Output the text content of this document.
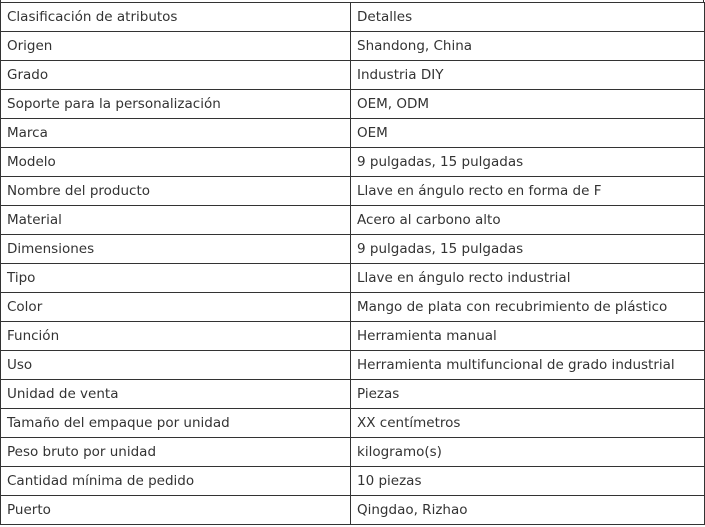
Clasificación de atributos	Detalles
Origen	Shandong, China
Grado	Industria DIY
Soporte para la personalización	OEM, ODM
Marca	OEM
Modelo	9 pulgadas, 15 pulgadas
Nombre del producto	Llave en ángulo recto en forma de F
Material	Acero al carbono alto
Dimensiones	9 pulgadas, 15 pulgadas
Tipo	Llave en ángulo recto industrial
Color	Mango de plata con recubrimiento de plástico
Función	Herramienta manual
Uso	Herramienta multifuncional de grado industrial
Unidad de venta	Piezas
Tamaño del empaque por unidad	XX centímetros
Peso bruto por unidad	kilogramo(s)
Cantidad mínima de pedido	10 piezas
Puerto	Qingdao, Rizhao
